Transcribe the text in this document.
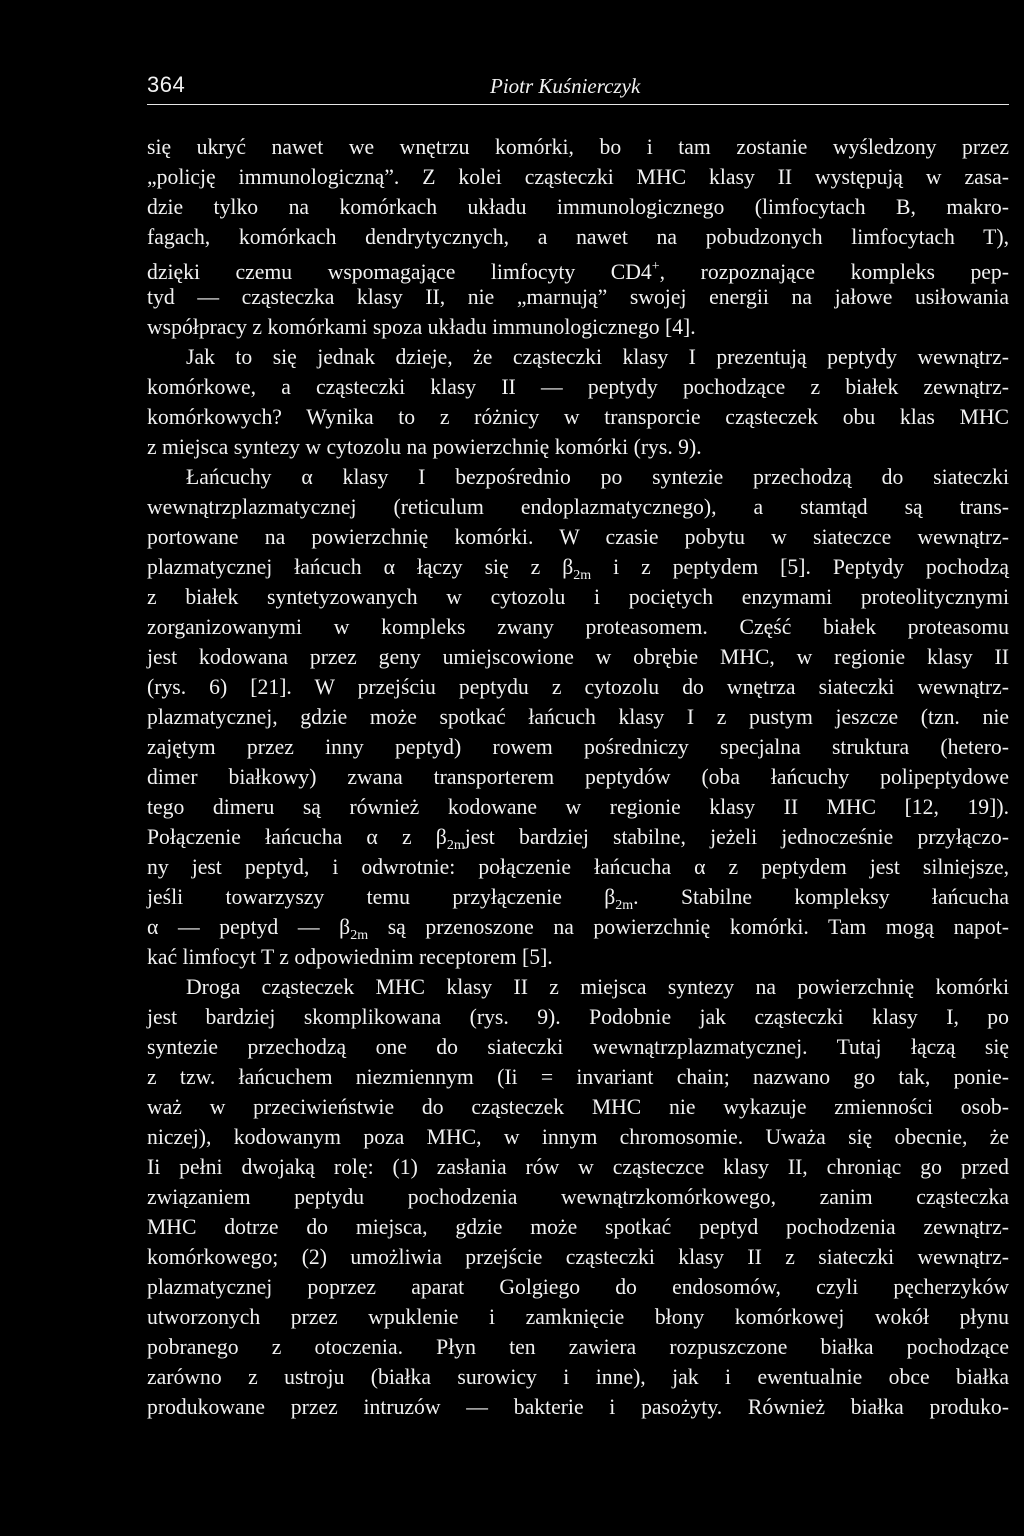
364	Piotr Kuśnierczyk
się ukryć nawet we wnętrzu komórki, bo i tam zostanie wyśledzony przez
„policję immunologiczną”. Z kolei cząsteczki MHC klasy II występują w zasa-
dzie tylko na komórkach układu immunologicznego (limfocytach B, makro-
fagach, komórkach dendrytycznych, a nawet na pobudzonych limfocytach T),
dzięki czemu wspomagające limfocyty CD4+, rozpoznające kompleks pep-
tyd — cząsteczka klasy II, nie „marnują” swojej energii na jałowe usiłowania
współpracy z komórkami spoza układu immunologicznego [4].
Jak to się jednak dzieje, że cząsteczki klasy I prezentują peptydy wewnątrz-
komórkowe, a cząsteczki klasy II — peptydy pochodzące z białek zewnątrz-
komórkowych? Wynika to z różnicy w transporcie cząsteczek obu klas MHC
z miejsca syntezy w cytozolu na powierzchnię komórki (rys. 9).
Łańcuchy α klasy I bezpośrednio po syntezie przechodzą do siateczki
wewnątrzplazmatycznej (reticulum endoplazmatycznego), a stamtąd są trans-
portowane na powierzchnię komórki. W czasie pobytu w siateczce wewnątrz-
plazmatycznej łańcuch α łączy się z $\beta_{2m}$ i z peptydem [5]. Peptydy pochodzą
z białek syntetyzowanych w cytozolu i pociętych enzymami proteolitycznymi
zorganizowanymi w kompleks zwany proteasomem. Część białek proteasomu
jest kodowana przez geny umiejscowione w obrębie MHC, w regionie klasy II
(rys. 6) [21]. W przejściu peptydu z cytozolu do wnętrza siateczki wewnątrz-
plazmatycznej, gdzie może spotkać łańcuch klasy I z pustym jeszcze (tzn. nie
zajętym przez inny peptyd) rowem pośredniczy specjalna struktura (hetero-
dimer białkowy) zwana transporterem peptydów (oba łańcuchy polipeptydowe
tego dimeru są również kodowane w regionie klasy II MHC [12, 19]).
Połączenie łańcucha α z $\beta_{2m}jest$ bardziej stabilne, jeżeli jednocześnie przyłączo-
ny jest peptyd, i odwrotnie: połączenie łańcucha α z peptydem jest silniejsze,
jeśli towarzyszy temu przyłączenie $\beta_{2m}$. Stabilne kompleksy łańcucha
α — peptyd — $\beta_{2m}$ są przenoszone na powierzchnię komórki. Tam mogą napot-
kać limfocyt T z odpowiednim receptorem [5].
Droga cząsteczek MHC klasy II z miejsca syntezy na powierzchnię komórki
jest bardziej skomplikowana (rys. 9). Podobnie jak cząsteczki klasy I, po
syntezie przechodzą one do siateczki wewnątrzplazmatycznej. Tutaj łączą się
z tzw. łańcuchem niezmiennym (Ii = invariant chain; nazwano go tak, ponie-
waż w przeciwieństwie do cząsteczek MHC nie wykazuje zmienności osob-
niczej), kodowanym poza MHC, w innym chromosomie. Uważa się obecnie, że
Ii pełni dwojaką rolę: (1) zasłania rów w cząsteczce klasy II, chroniąc go przed
związaniem peptydu pochodzenia wewnątrzkomórkowego, zanim cząsteczka
MHC dotrze do miejsca, gdzie może spotkać peptyd pochodzenia zewnątrz-
komórkowego; (2) umożliwia przejście cząsteczki klasy II z siateczki wewnątrz-
plazmatycznej poprzez aparat Golgiego do endosomów, czyli pęcherzyków
utworzonych przez wpuklenie i zamknięcie błony komórkowej wokół płynu
pobranego z otoczenia. Płyn ten zawiera rozpuszczone białka pochodzące
zarówno z ustroju (białka surowicy i inne), jak i ewentualnie obce białka
produkowane przez intruzów — bakterie i pasożyty. Również białka produko-
